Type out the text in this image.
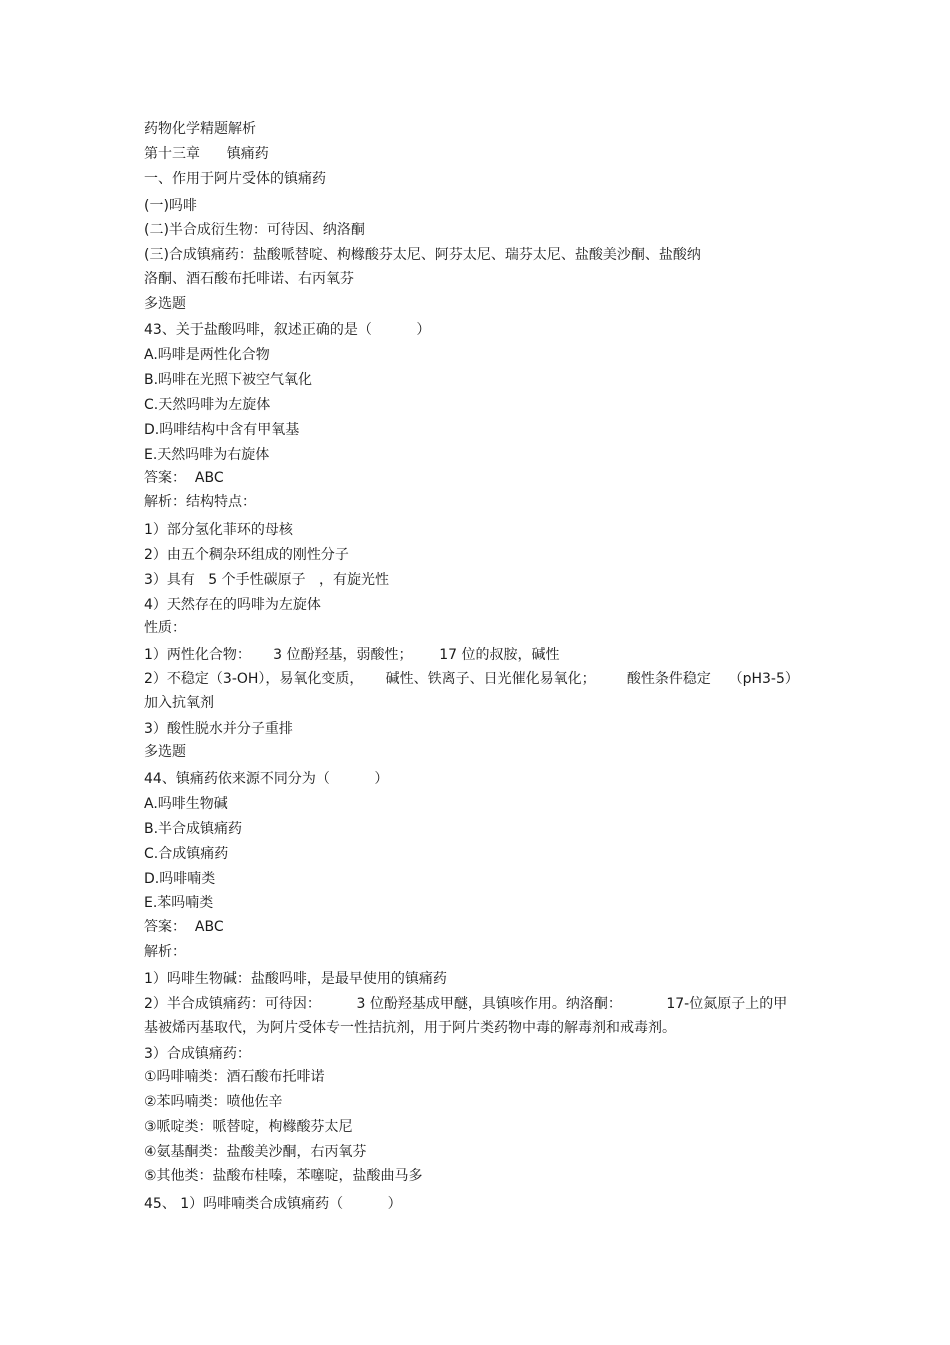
药物化学精题解析
第十三章      镇痛药
一、作用于阿片受体的镇痛药
(一)吗啡
(二)半合成衍生物：可待因、纳洛酮
(三)合成镇痛药：盐酸哌替啶、枸橼酸芬太尼、阿芬太尼、瑞芬太尼、盐酸美沙酮、盐酸纳
洛酮、酒石酸布托啡诺、右丙氧芬
多选题
43、关于盐酸吗啡，叙述正确的是（          ）
A.吗啡是两性化合物
B.吗啡在光照下被空气氧化
C.天然吗啡为左旋体
D.吗啡结构中含有甲氧基
E.天然吗啡为右旋体
答案：  ABC
解析：结构特点：
1）部分氢化菲环的母核
2）由五个稠杂环组成的刚性分子
3）具有   5 个手性碳原子   ，有旋光性
4）天然存在的吗啡为左旋体
性质：
1）两性化合物：     3 位酚羟基，弱酸性；      17 位的叔胺，碱性
2）不稳定（3-OH），易氧化变质，     碱性、铁离子、日光催化易氧化；       酸性条件稳定    （pH3-5）
加入抗氧剂
3）酸性脱水并分子重排
多选题
44、镇痛药依来源不同分为（          ）
A.吗啡生物碱
B.半合成镇痛药
C.合成镇痛药
D.吗啡喃类
E.苯吗喃类
答案：  ABC
解析：
1）吗啡生物碱：盐酸吗啡，是最早使用的镇痛药
2）半合成镇痛药：可待因：        3 位酚羟基成甲醚，具镇咳作用。纳洛酮：          17-位氮原子上的甲
基被烯丙基取代，为阿片受体专一性拮抗剂，用于阿片类药物中毒的解毒剂和戒毒剂。
3）合成镇痛药：
①吗啡喃类：酒石酸布托啡诺
②苯吗喃类：喷他佐辛
③哌啶类：哌替啶，枸橼酸芬太尼
④氨基酮类：盐酸美沙酮，右丙氧芬
⑤其他类：盐酸布桂嗪，苯噻啶，盐酸曲马多
45、 1）吗啡喃类合成镇痛药（          ）
